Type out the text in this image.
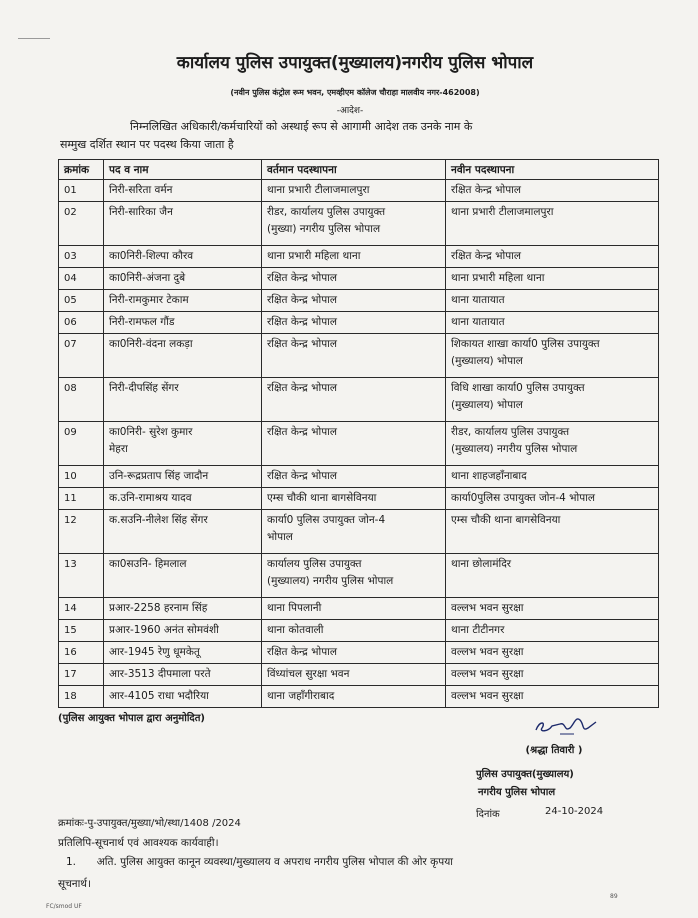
कार्यालय पुलिस उपायुक्त(मुख्यालय)नगरीय पुलिस भोपाल
(नवीन पुलिस कंट्रोल रूम भवन, एमव्हीएम कॉलेज चौराहा मालवीय नगर-462008)
-आदेश-
निम्नलिखित अधिकारी/कर्मचारियों को अस्थाई रूप से आगामी आदेश तक उनके नाम के
सम्मुख दर्शित स्थान पर पदस्थ किया जाता है
क्रमांक	पद व नाम	वर्तमान पदस्थापना	नवीन पदस्थापना
01	निरी-सरिता वर्मन	थाना प्रभारी टीलाजमालपुरा	रक्षित केन्द्र भोपाल

02	निरी-सारिका जैन	रीडर, कार्यालय पुलिस उपायुक्त
(मुख्या) नगरीय पुलिस भोपाल	थाना प्रभारी टीलाजमालपुरा

03	का0निरी-शिल्पा कौरव	थाना प्रभारी महिला थाना	रक्षित केन्द्र भोपाल

04	का0निरी-अंजना दुबे	रक्षित केन्द्र भोपाल	थाना प्रभारी महिला थाना

05	निरी-रामकुमार टेकाम	रक्षित केन्द्र भोपाल	थाना यातायात

06	निरी-रामफल गौंड	रक्षित केन्द्र भोपाल	थाना यातायात

07	का0निरी-वंदना लकड़ा	रक्षित केन्द्र भोपाल	शिकायत शाखा कार्या0 पुलिस उपायुक्त
(मुख्यालय) भोपाल

08	निरी-दीपसिंह सेंगर	रक्षित केन्द्र भोपाल	विधि शाखा कार्या0 पुलिस उपायुक्त
(मुख्यालय) भोपाल

09	का0निरी- सुरेश कुमार
मेहरा	रक्षित केन्द्र भोपाल	रीडर, कार्यालय पुलिस उपायुक्त
(मुख्यालय) नगरीय पुलिस भोपाल

10	उनि-रूद्रप्रताप सिंह जादौन	रक्षित केन्द्र भोपाल	थाना शाहजहाँनाबाद

11	क.उनि-रामाश्रय यादव	एम्स चौकी थाना बागसेविनया	कार्या0पुलिस उपायुक्त जोन-4 भोपाल

12	क.सउनि-नीलेश सिंह सेंगर	कार्या0 पुलिस उपायुक्त जोन-4
भोपाल	एम्स चौकी थाना बागसेविनया

13	का0सउनि- हिमलाल	कार्यालय पुलिस उपायुक्त
(मुख्यालय) नगरीय पुलिस भोपाल	थाना छोलामंदिर

14	प्रआर-2258 हरनाम सिंह	थाना पिपलानी	वल्लभ भवन सुरक्षा

15	प्रआर-1960 अनंत सोमवंशी	थाना कोतवाली	थाना टीटीनगर

16	आर-1945 रेणु धूमकेतू	रक्षित केन्द्र भोपाल	वल्लभ भवन सुरक्षा

17	आर-3513 दीपमाला परते	विंध्यांचल सुरक्षा भवन	वल्लभ भवन सुरक्षा

18	आर-4105 राधा भदौरिया	थाना जहाँगीराबाद	वल्लभ भवन सुरक्षा
(पुलिस आयुक्त भोपाल द्वारा अनुमोदित)
(श्रद्धा तिवारी )
पुलिस उपायुक्त(मुख्यालय)
नगरीय पुलिस भोपाल
दिनांक	24-10-2024
क्रमांकः-पु-उपायुक्त/मुख्या/भो/स्था/1408 /2024
प्रतिलिपि-सूचनार्थ एवं आवश्यक कार्यवाही।
1. अति. पुलिस आयुक्त कानून व्यवस्था/मुख्यालय व अपराध नगरीय पुलिस भोपाल की ओर कृपया
सूचनार्थ।
FC/smod UF
89
